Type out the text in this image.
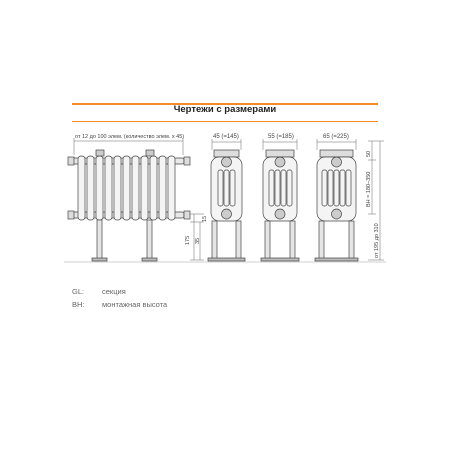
Чертежи с размерами
175 35
15
50
BH = 180–350
от 195 до 310
от 12 до 100 элем. (количество элем. x 45)	45 (=145)	55 (=185)	65 (=225)
GL: секция
BH: монтажная высота
